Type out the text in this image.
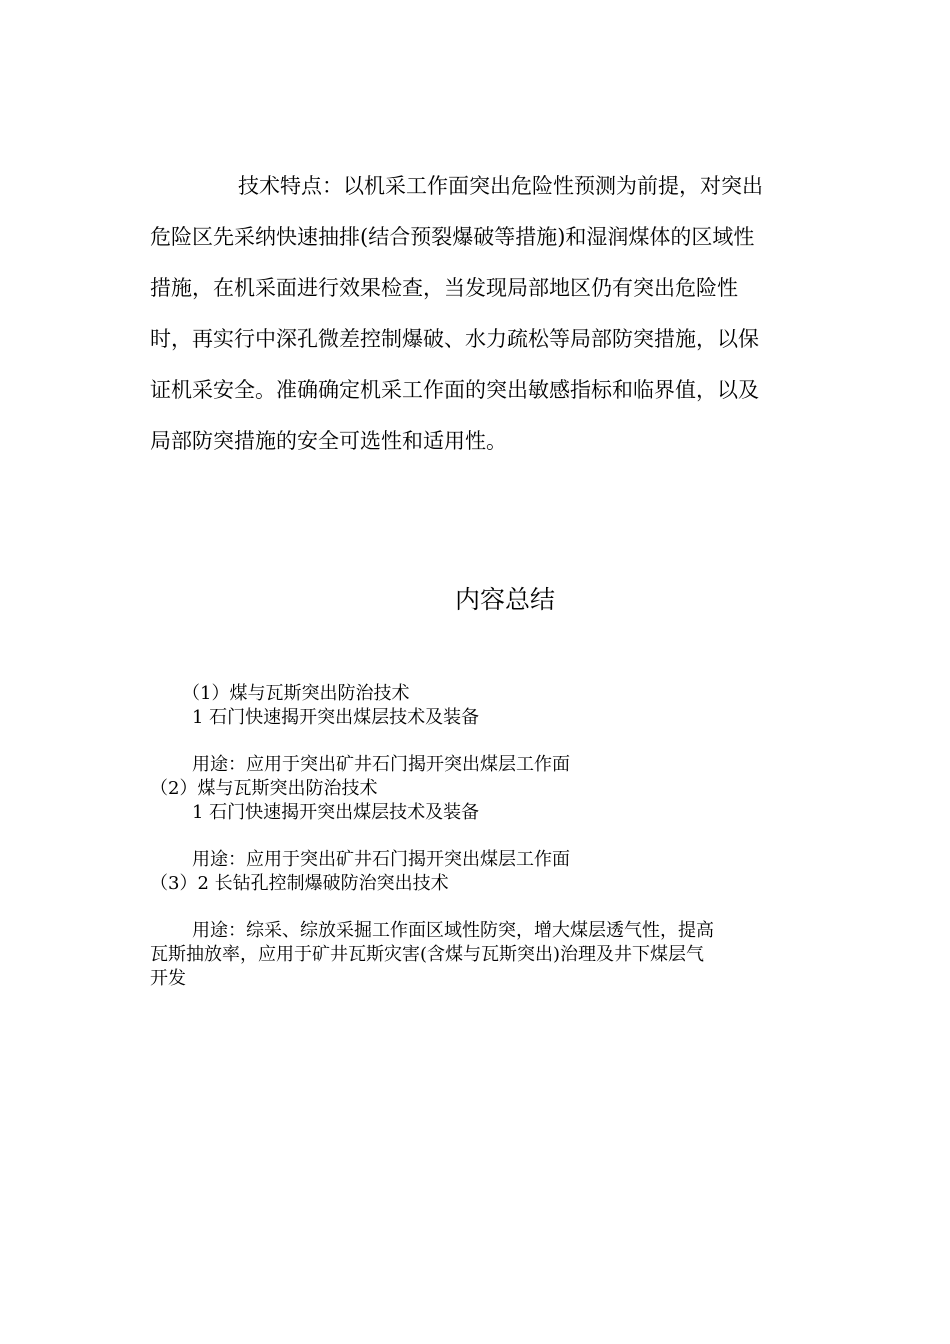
技术特点：以机采工作面突出危险性预测为前提，对突出
危险区先采纳快速抽排(结合预裂爆破等措施)和湿润煤体的区域性
措施，在机采面进行效果检查，当发现局部地区仍有突出危险性
时，再实行中深孔微差控制爆破、水力疏松等局部防突措施，以保
证机采安全。准确确定机采工作面的突出敏感指标和临界值，以及
局部防突措施的安全可选性和适用性。
内容总结
（1）煤与瓦斯突出防治技术
1 石门快速揭开突出煤层技术及装备
用途：应用于突出矿井石门揭开突出煤层工作面
（2）煤与瓦斯突出防治技术
1 石门快速揭开突出煤层技术及装备
用途：应用于突出矿井石门揭开突出煤层工作面
（3）2 长钻孔控制爆破防治突出技术
用途：综采、综放采掘工作面区域性防突，增大煤层透气性，提高
瓦斯抽放率，应用于矿井瓦斯灾害(含煤与瓦斯突出)治理及井下煤层气
开发
